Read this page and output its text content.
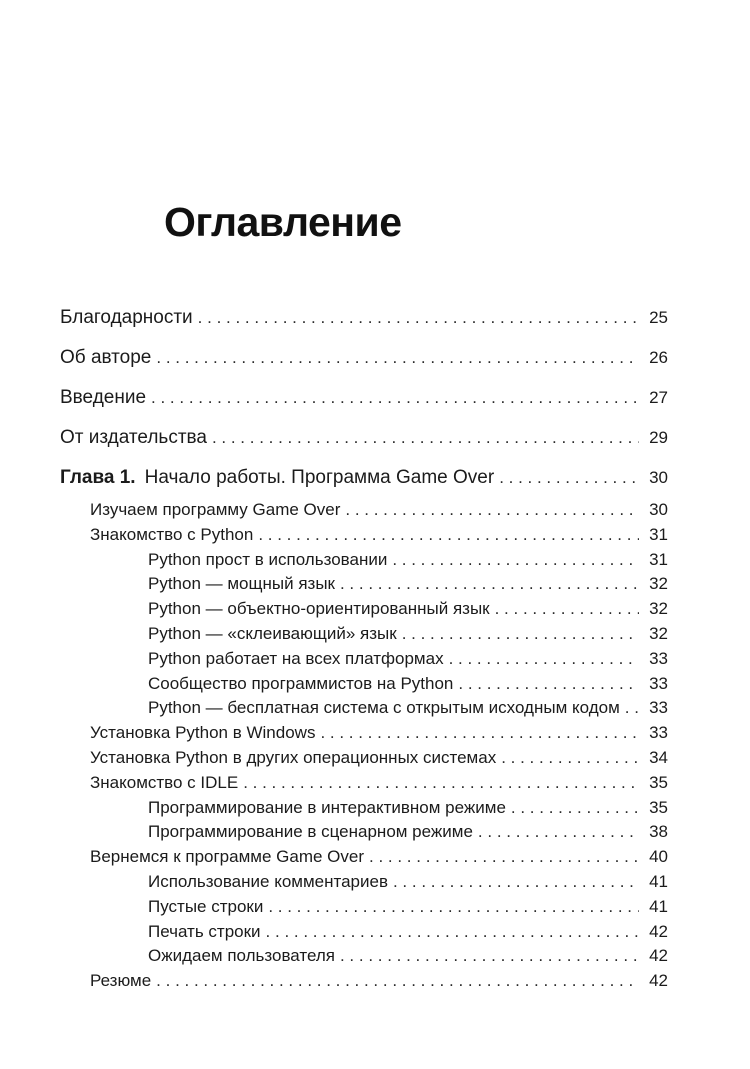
Оглавление
Благодарности . . .	25
Об авторе . . .	26
Введение . . .	27
От издательства . . .	29
Глава 1. Начало работы. Программа Game Over . . .	30
Изучаем программу Game Over . . .	30
Знакомство с Python . . .	31
Python прост в использовании . . .	31
Python — мощный язык . . .	32
Python — объектно-ориентированный язык . . .	32
Python — «склеивающий» язык . . .	32
Python работает на всех платформах . . .	33
Сообщество программистов на Python . . .	33
Python — бесплатная система с открытым исходным кодом . . . 33
Установка Python в Windows . . .	33
Установка Python в других операционных системах . . .	34
Знакомство с IDLE . . .	35
Программирование в интерактивном режиме . . .	35
Программирование в сценарном режиме . . .	38
Вернемся к программе Game Over . . .	40
Использование комментариев . . .	41
Пустые строки . . .	41
Печать строки . . .	42
Ожидаем пользователя . . .	42
Резюме . . .	42
